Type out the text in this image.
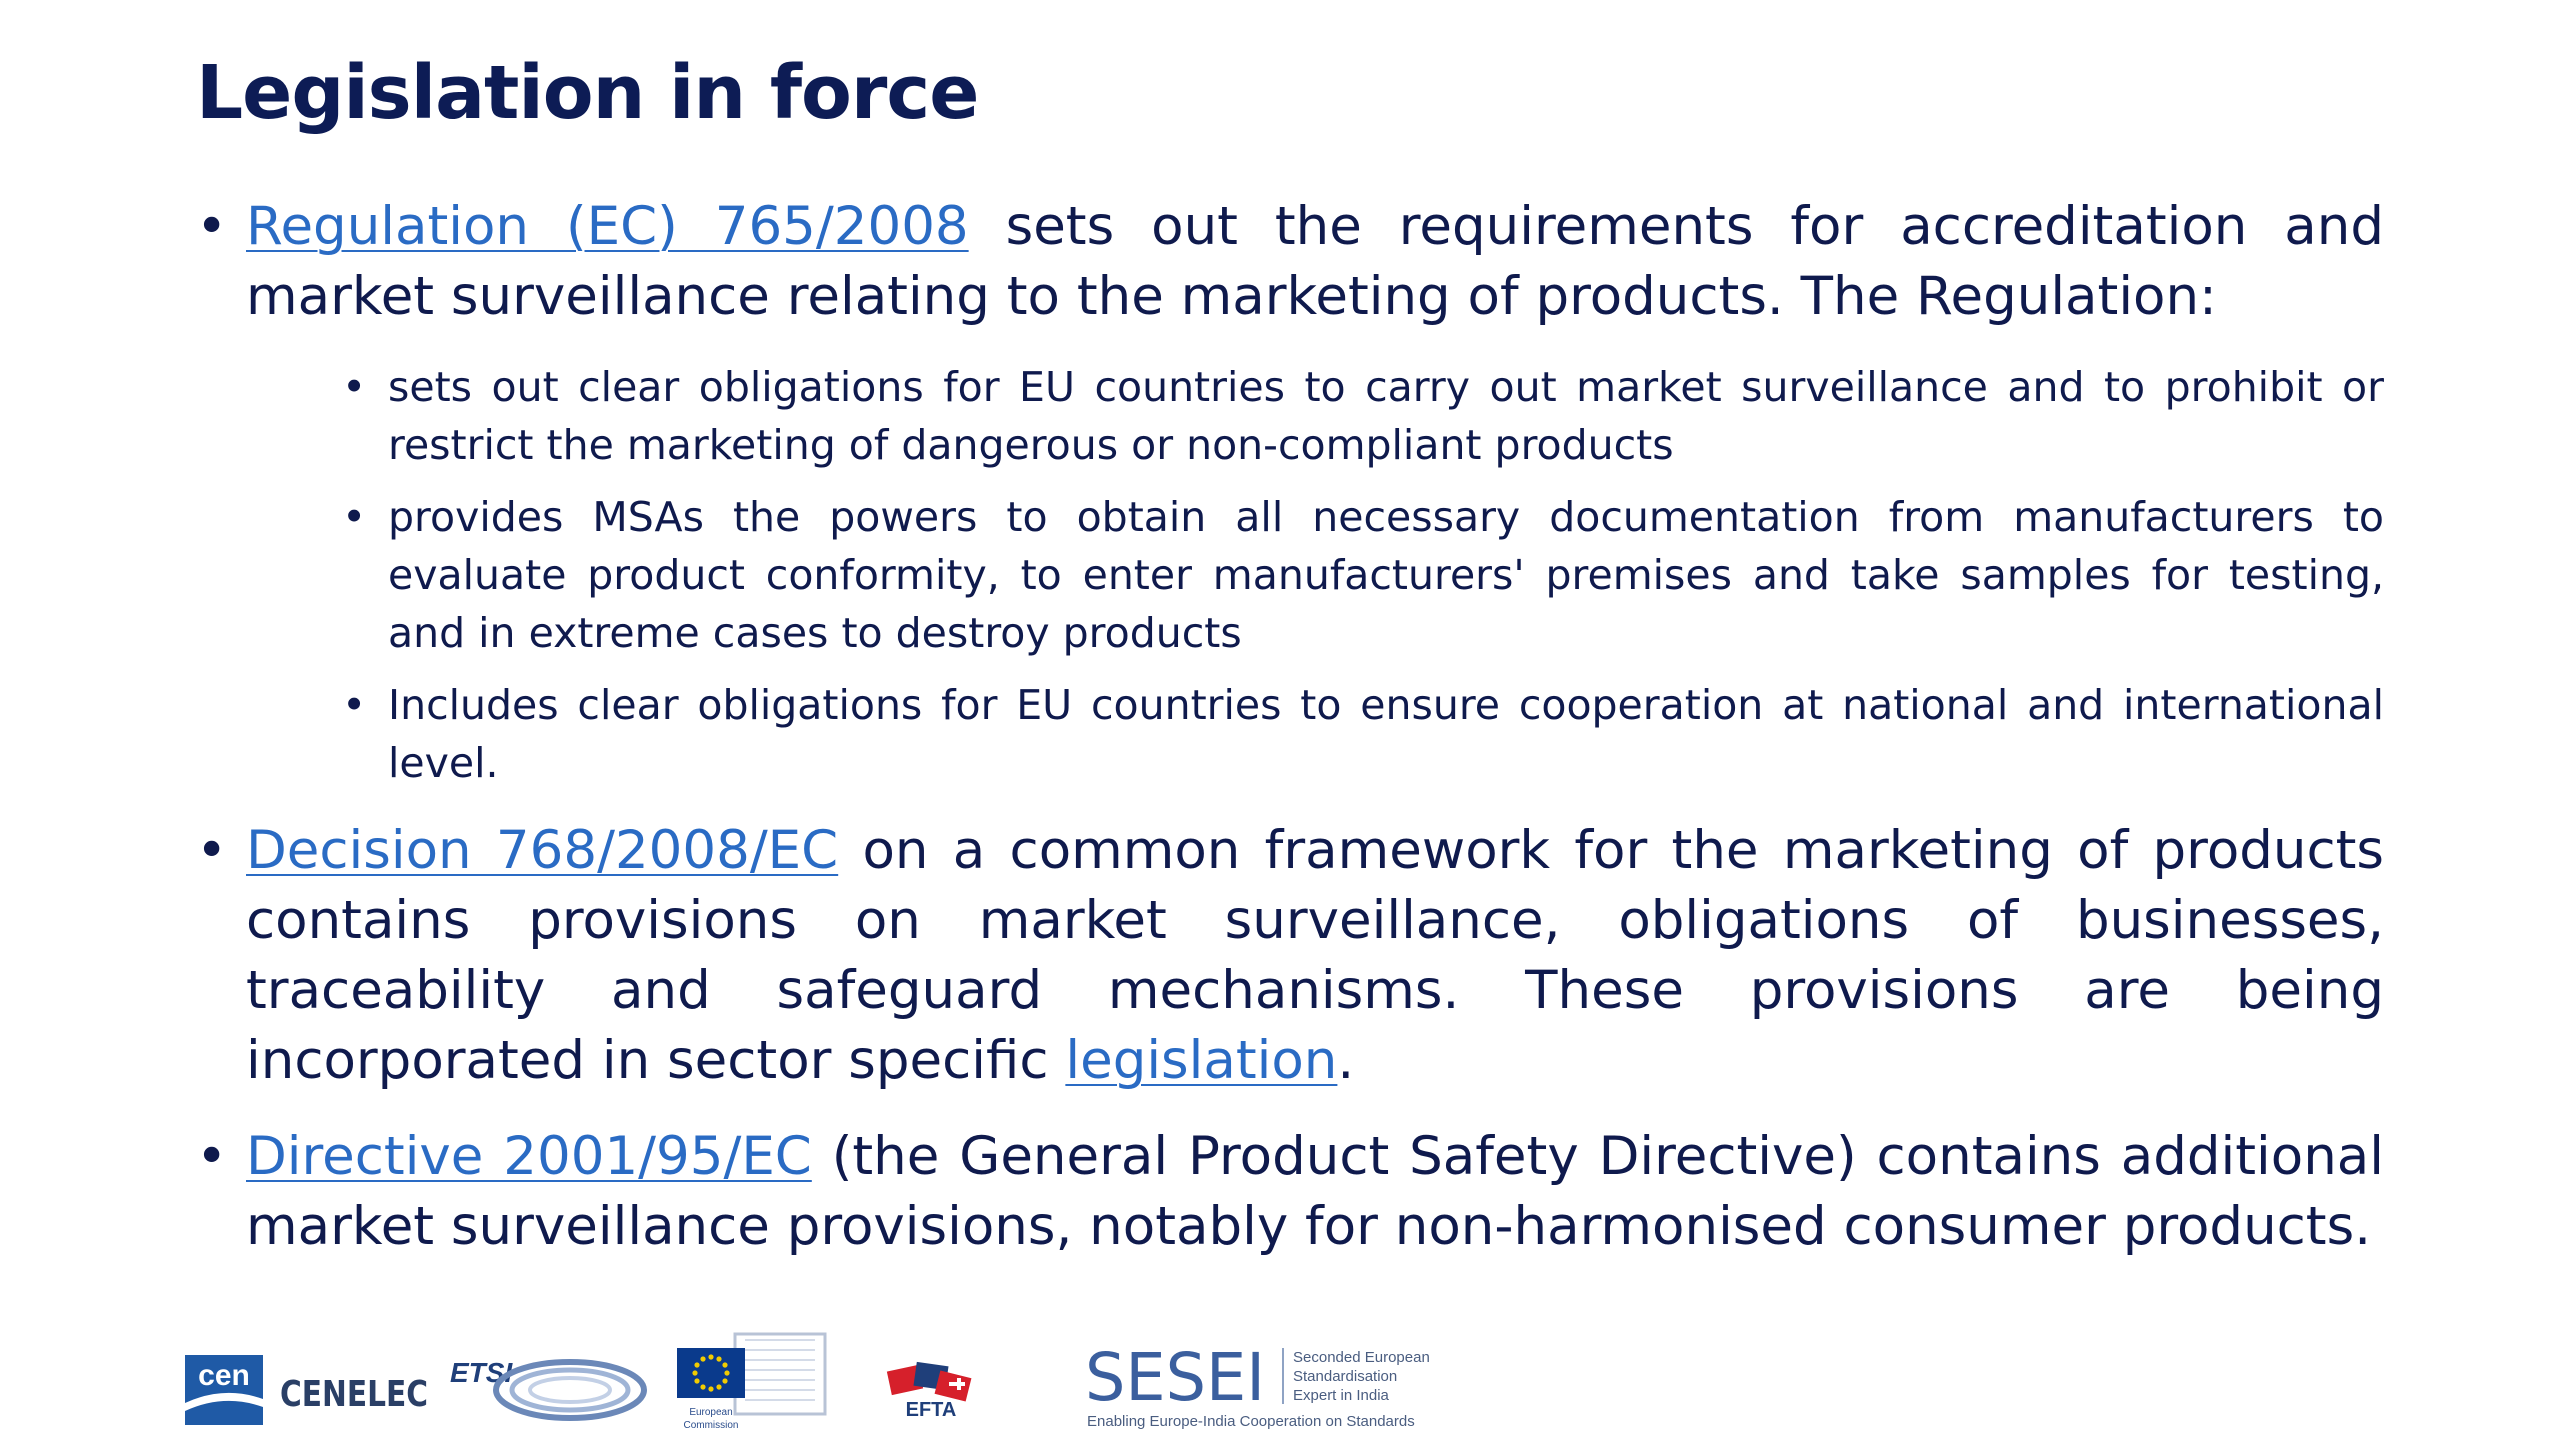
Legislation in force
• Regulation (EC) 765/2008 sets out the requirements for accreditation and market surveillance relating to the marketing of products. The Regulation:
• sets out clear obligations for EU countries to carry out market surveillance and to prohibit or restrict the marketing of dangerous or non-compliant products
• provides MSAs the powers to obtain all necessary documentation from manufacturers to evaluate product conformity, to enter manufacturers' premises and take samples for testing, and in extreme cases to destroy products
• Includes clear obligations for EU countries to ensure cooperation at national and international level.
• Decision 768/2008/EC on a common framework for the marketing of products contains provisions on market surveillance, obligations of businesses, traceability and safeguard mechanisms. These provisions are being incorporated in sector specific legislation.
• Directive 2001/95/EC (the General Product Safety Directive) contains additional market surveillance provisions, notably for non-harmonised consumer products.
cen CENELEC
ETSI
European
Commission
EFTA SESEI Seconded European
Standardisation
Expert in India
Enabling Europe-India Cooperation on Standards
